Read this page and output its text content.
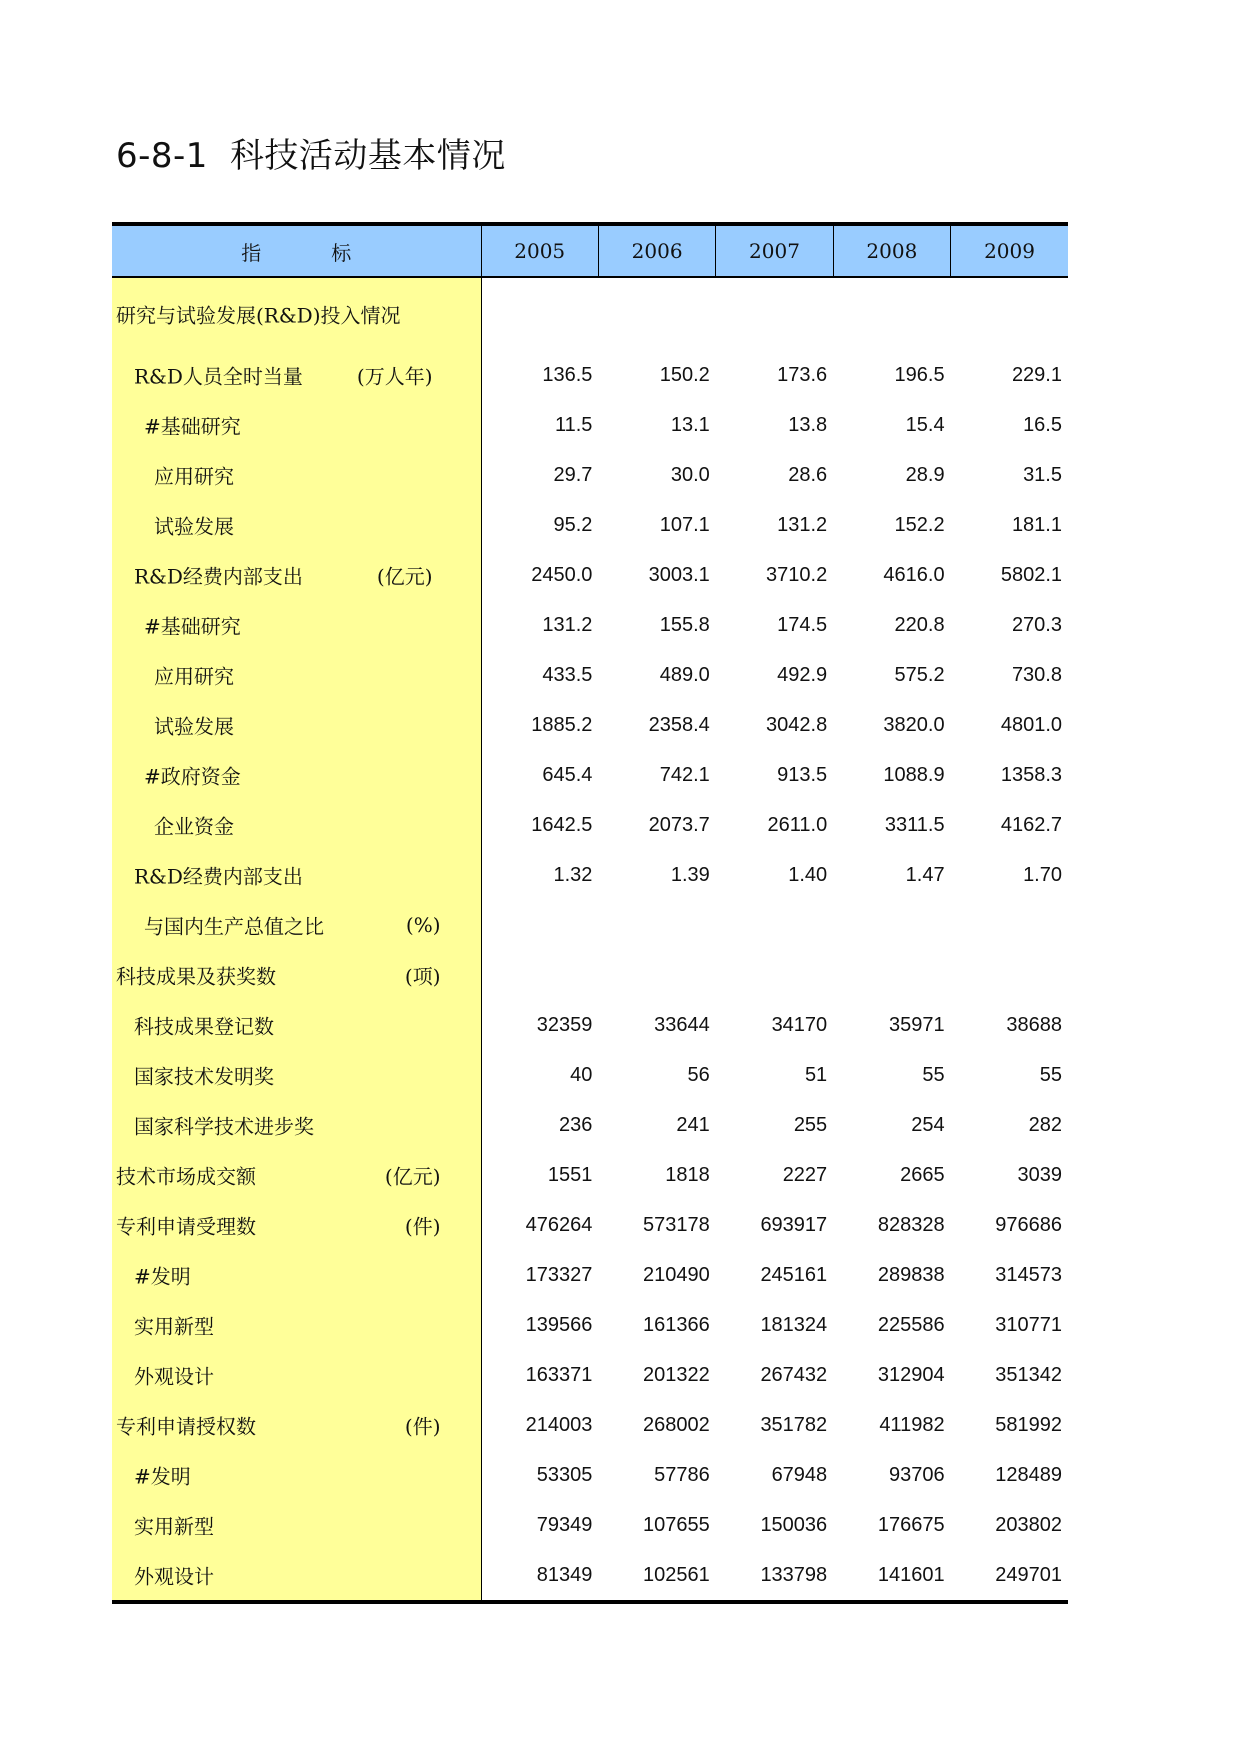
6-8-1 科技活动基本情况
指 标	2005	2006	2007	2008	2009

研究与试验发展(R&D)投入情况					

R&D人员全时当量 (万人年)	136.5	150.2	173.6	196.5	229.1

#基础研究	11.5	13.1	13.8	15.4	16.5

应用研究	29.7	30.0	28.6	28.9	31.5

试验发展	95.2	107.1	131.2	152.2	181.1

R&D经费内部支出 (亿元)	2450.0	3003.1	3710.2	4616.0	5802.1

#基础研究	131.2	155.8	174.5	220.8	270.3

应用研究	433.5	489.0	492.9	575.2	730.8

试验发展	1885.2	2358.4	3042.8	3820.0	4801.0

#政府资金	645.4	742.1	913.5	1088.9	1358.3

企业资金	1642.5	2073.7	2611.0	3311.5	4162.7

R&D经费内部支出	1.32	1.39	1.40	1.47	1.70

与国内生产总值之比 (%)					

科技成果及获奖数 (项)					

科技成果登记数	32359	33644	34170	35971	38688

国家技术发明奖	40	56	51	55	55

国家科学技术进步奖	236	241	255	254	282

技术市场成交额 (亿元)	1551	1818	2227	2665	3039

专利申请受理数 (件)	476264	573178	693917	828328	976686

#发明	173327	210490	245161	289838	314573

实用新型	139566	161366	181324	225586	310771

外观设计	163371	201322	267432	312904	351342

专利申请授权数 (件)	214003	268002	351782	411982	581992

#发明	53305	57786	67948	93706	128489

实用新型	79349	107655	150036	176675	203802

外观设计	81349	102561	133798	141601	249701
